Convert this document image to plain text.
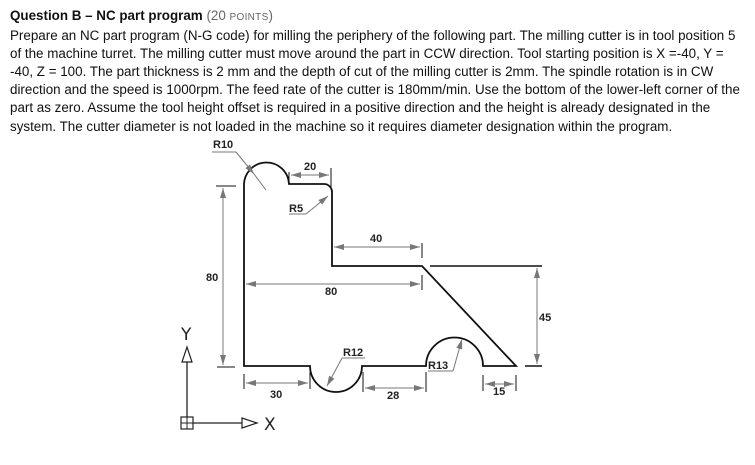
Question B – NC part program (20 POINTS)

Prepare an NC part program (N-G code) for milling the periphery of the following part. The milling cutter is in tool position 5 of the machine turret. The milling cutter must move around the part in CCW direction. Tool starting position is X =-40, Y = -40, Z = 100. The part thickness is 2 mm and the depth of cut of the milling cutter is 2mm. The spindle rotation is in CW direction and the speed is 1000rpm. The feed rate of the cutter is 180mm/min. Use the bottom of the lower-left corner of the part as zero. Assume the tool height offset is required in a positive direction and the height is already designated in the system. The cutter diameter is not loaded in the machine so it requires diameter designation within the program.

R10
20
R5
40
80
80
45
R12
R13
30	28	15
Y
X
